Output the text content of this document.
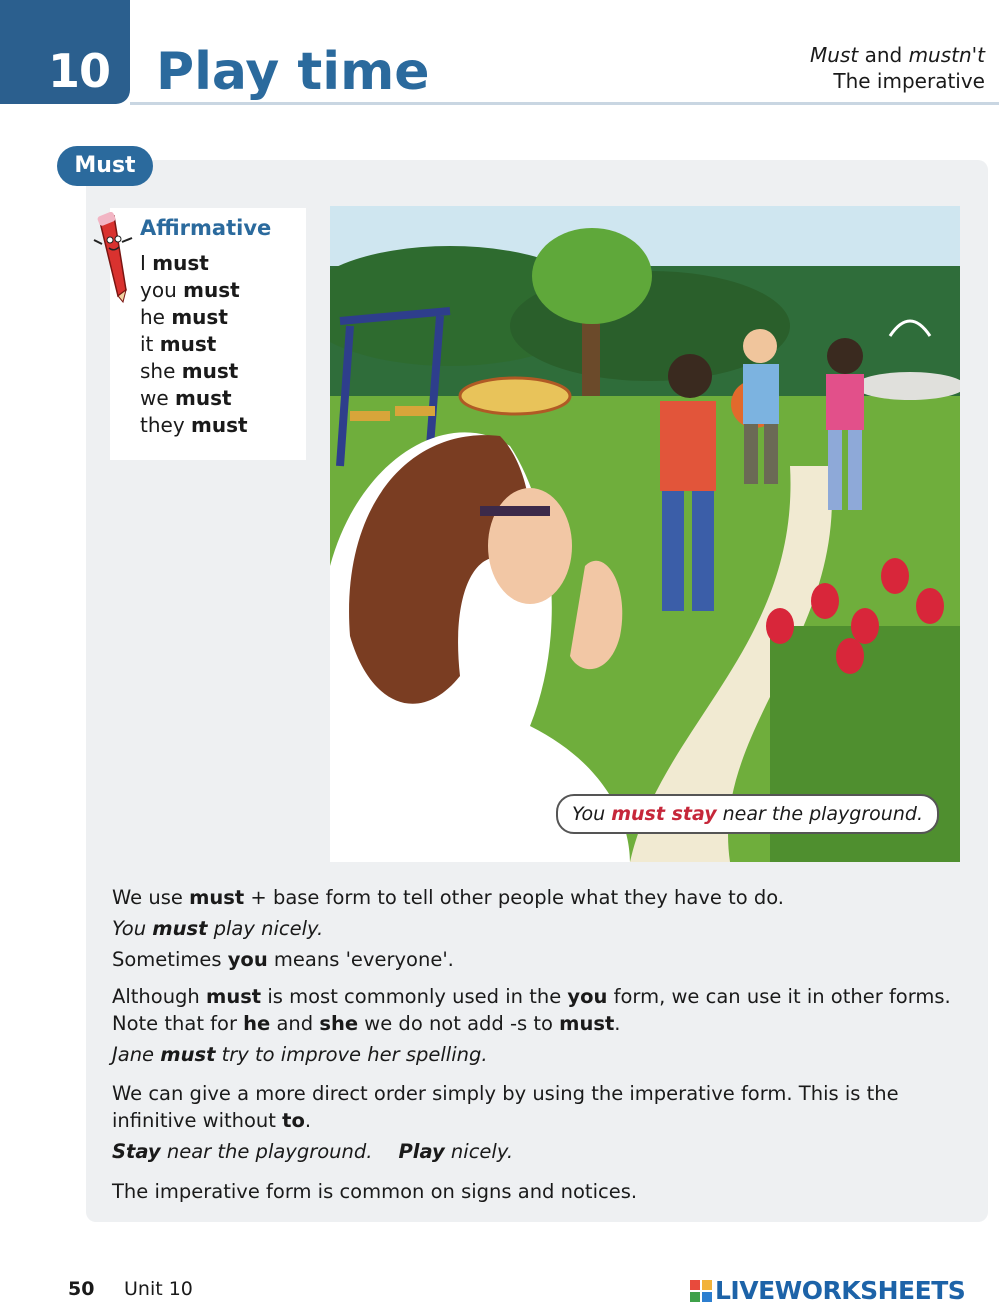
10 Play time	Must and mustn't
The imperative
Must
Affirmative
I must
you must
he must
it must
she must
we must
they must
You must stay near the playground.

We use must + base form to tell other people what they have to do.

You must play nicely.

Sometimes you means 'everyone'.

Although must is most commonly used in the you form, we can use it in other forms.

Note that for he and she we do not add -s to must.

Jane must try to improve her spelling.

We can give a more direct order simply by using the imperative form. This is the

infinitive without to.

Stay near the playground. Play nicely.

The imperative form is common on signs and notices.

50 Unit 10	LIVEWORKSHEETS
